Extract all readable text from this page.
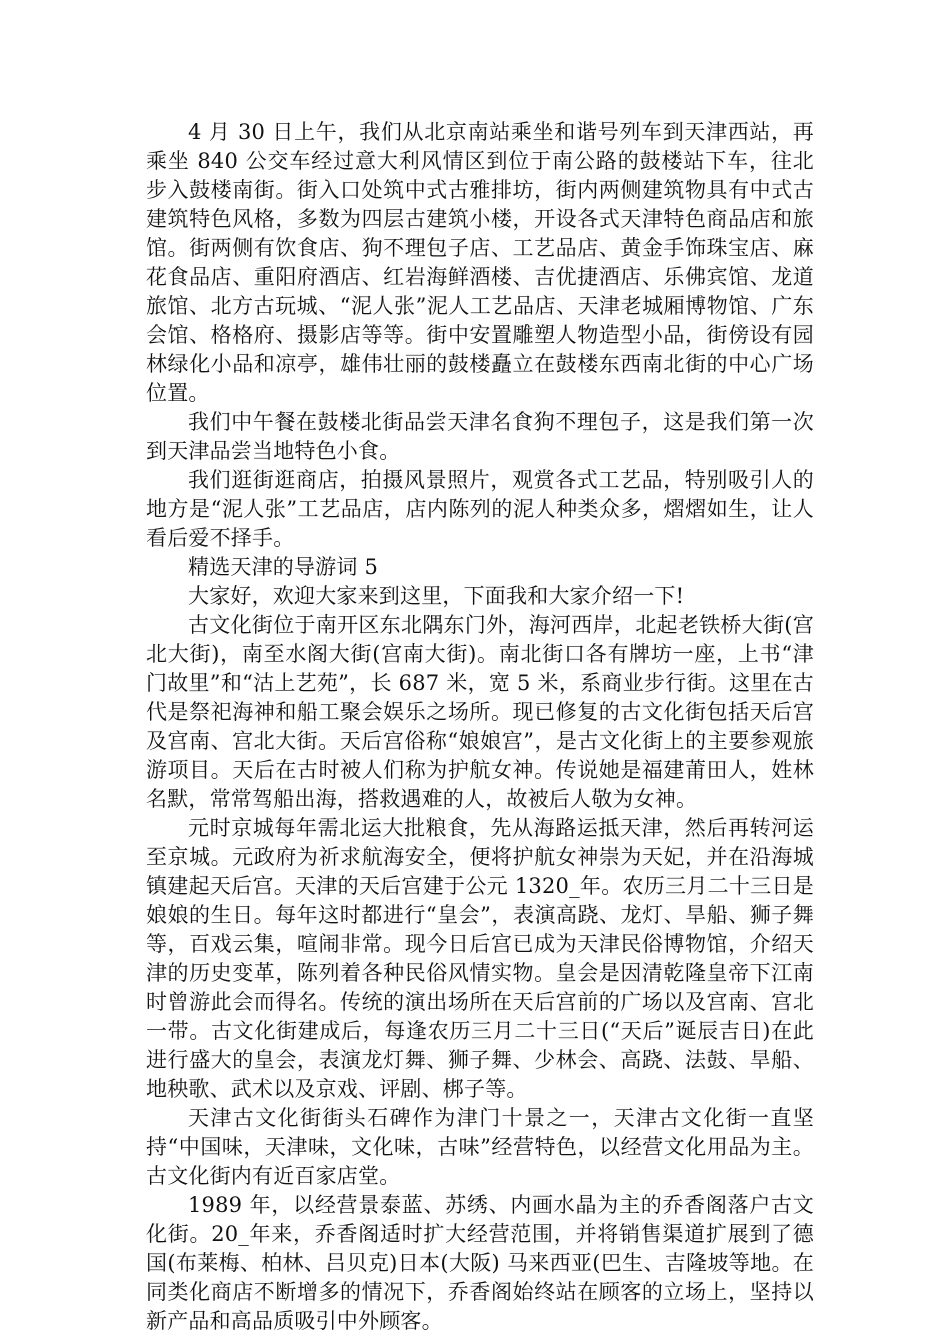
4 月 30 日上午，我们从北京南站乘坐和谐号列车到天津西站，再乘坐 840 公交车经过意大利风情区到位于南公路的鼓楼站下车，往北步入鼓楼南街。街入口处筑中式古雅排坊，街内两侧建筑物具有中式古建筑特色风格，多数为四层古建筑小楼，开设各式天津特色商品店和旅馆。街两侧有饮食店、狗不理包子店、工艺品店、黄金手饰珠宝店、麻花食品店、重阳府酒店、红岩海鲜酒楼、吉优捷酒店、乐佛宾馆、龙道旅馆、北方古玩城、“泥人张”泥人工艺品店、天津老城厢博物馆、广东会馆、格格府、摄影店等等。街中安置雕塑人物造型小品，街傍设有园林绿化小品和凉亭，雄伟壮丽的鼓楼矗立在鼓楼东西南北街的中心广场位置。

我们中午餐在鼓楼北街品尝天津名食狗不理包子，这是我们第一次到天津品尝当地特色小食。

我们逛街逛商店，拍摄风景照片，观赏各式工艺品，特别吸引人的地方是“泥人张”工艺品店，店内陈列的泥人种类众多，熠熠如生，让人看后爱不择手。

精选天津的导游词 5

大家好，欢迎大家来到这里，下面我和大家介绍一下!

古文化街位于南开区东北隅东门外，海河西岸，北起老铁桥大街(宫北大街)，南至水阁大街(宫南大街)。南北街口各有牌坊一座，上书“津门故里”和“沽上艺苑”，长 687 米，宽 5 米，系商业步行街。这里在古代是祭祀海神和船工聚会娱乐之场所。现已修复的古文化街包括天后宫及宫南、宫北大街。天后宫俗称“娘娘宫”，是古文化街上的主要参观旅游项目。天后在古时被人们称为护航女神。传说她是福建莆田人，姓林名默，常常驾船出海，搭救遇难的人，故被后人敬为女神。

元时京城每年需北运大批粮食，先从海路运抵天津，然后再转河运至京城。元政府为祈求航海安全，便将护航女神崇为天妃，并在沿海城镇建起天后宫。天津的天后宫建于公元 1320_年。农历三月二十三日是娘娘的生日。每年这时都进行“皇会”，表演高跷、龙灯、旱船、狮子舞等，百戏云集，喧闹非常。现今日后宫已成为天津民俗博物馆，介绍天津的历史变革，陈列着各种民俗风情实物。皇会是因清乾隆皇帝下江南时曾游此会而得名。传统的演出场所在天后宫前的广场以及宫南、宫北一带。古文化街建成后，每逢农历三月二十三日(“天后”诞辰吉日)在此进行盛大的皇会，表演龙灯舞、狮子舞、少林会、高跷、法鼓、旱船、地秧歌、武术以及京戏、评剧、梆子等。

天津古文化街街头石碑作为津门十景之一，天津古文化街一直坚持“中国味，天津味，文化味，古味”经营特色，以经营文化用品为主。古文化街内有近百家店堂。

1989 年，以经营景泰蓝、苏绣、内画水晶为主的乔香阁落户古文化街。20_年来，乔香阁适时扩大经营范围，并将销售渠道扩展到了德国(布莱梅、柏林、吕贝克)日本(大阪) 马来西亚(巴生、吉隆坡等地。在同类化商店不断增多的情况下，乔香阁始终站在顾客的立场上，坚持以新产品和高品质吸引中外顾客。
